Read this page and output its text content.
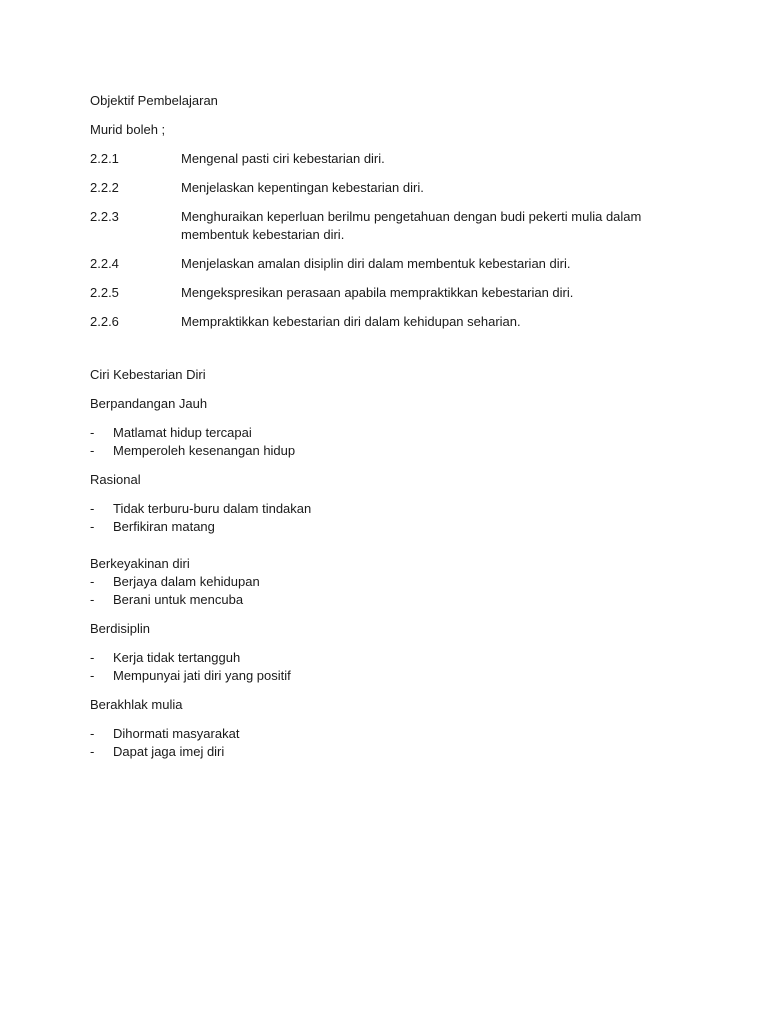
Objektif Pembelajaran
Murid boleh ;
2.2.1	Mengenal pasti ciri kebestarian diri.
2.2.2	Menjelaskan kepentingan kebestarian diri.
2.2.3	Menghuraikan keperluan berilmu pengetahuan dengan budi pekerti mulia dalam membentuk kebestarian diri.
2.2.4	Menjelaskan amalan disiplin diri dalam membentuk kebestarian diri.
2.2.5	Mengekspresikan perasaan apabila mempraktikkan kebestarian diri.
2.2.6	Mempraktikkan kebestarian diri dalam kehidupan seharian.
Ciri Kebestarian Diri
Berpandangan Jauh
-	Matlamat hidup tercapai
-	Memperoleh kesenangan hidup
Rasional
-	Tidak terburu-buru dalam tindakan
-	Berfikiran matang
Berkeyakinan diri
-	Berjaya dalam kehidupan
-	Berani untuk mencuba
Berdisiplin
-	Kerja tidak tertangguh
-	Mempunyai jati diri yang positif
Berakhlak mulia
-	Dihormati masyarakat
-	Dapat jaga imej diri
